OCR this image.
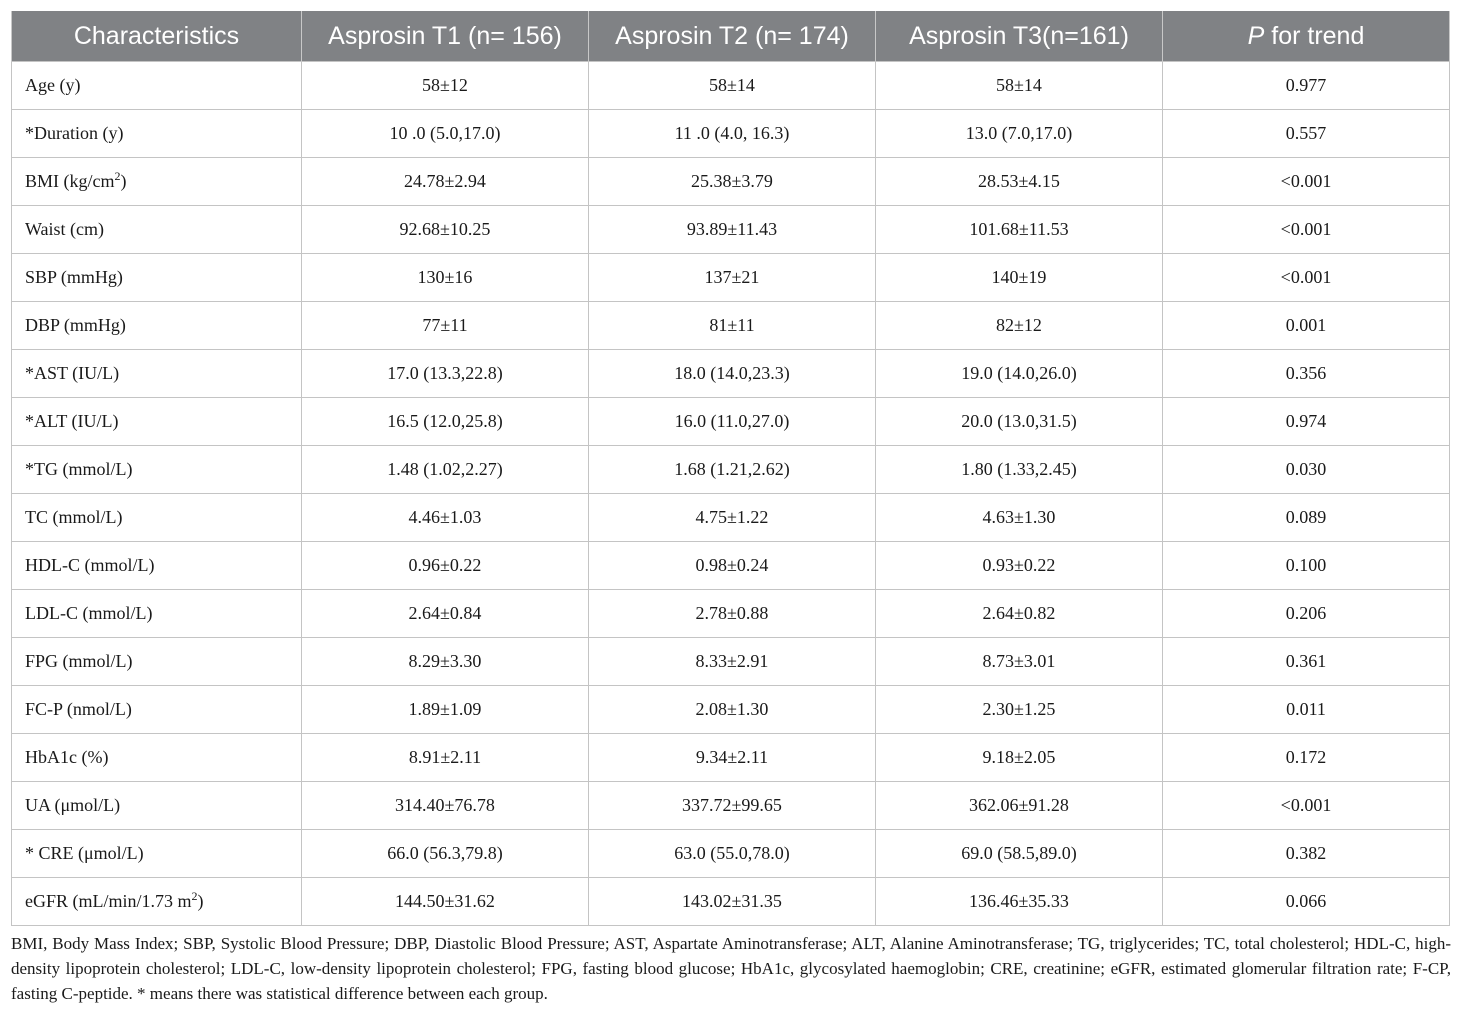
Characteristics	Asprosin T1 (n= 156)	Asprosin T2 (n= 174)	Asprosin T3(n=161)	P for trend
Age (y)	58±12	58±14	58±14	0.977
*Duration (y)	10 .0 (5.0,17.0)	11 .0 (4.0, 16.3)	13.0 (7.0,17.0)	0.557
BMI $(kg/cm^2)$	24.78±2.94	25.38±3.79	28.53±4.15	<0.001
Waist (cm)	92.68±10.25	93.89±11.43	101.68±11.53	<0.001
SBP (mmHg)	130±16	137±21	140±19	<0.001
DBP (mmHg)	77±11	81±11	82±12	0.001
*AST (IU/L)	17.0 (13.3,22.8)	18.0 (14.0,23.3)	19.0 (14.0,26.0)	0.356
*ALT (IU/L)	16.5 (12.0,25.8)	16.0 (11.0,27.0)	20.0 (13.0,31.5)	0.974
*TG (mmol/L)	1.48 (1.02,2.27)	1.68 (1.21,2.62)	1.80 (1.33,2.45)	0.030
TC (mmol/L)	4.46±1.03	4.75±1.22	4.63±1.30	0.089
HDL-C (mmol/L)	0.96±0.22	0.98±0.24	0.93±0.22	0.100
LDL-C (mmol/L)	2.64±0.84	2.78±0.88	2.64±0.82	0.206
FPG (mmol/L)	8.29±3.30	8.33±2.91	8.73±3.01	0.361
FC-P (nmol/L)	1.89±1.09	2.08±1.30	2.30±1.25	0.011
HbA1c (%)	8.91±2.11	9.34±2.11	9.18±2.05	0.172
UA (μmol/L)	314.40±76.78	337.72±99.65	362.06±91.28	<0.001
* CRE (μmol/L)	66.0 (56.3,79.8)	63.0 (55.0,78.0)	69.0 (58.5,89.0)	0.382
eGFR (mL/min/1.73 $m^2$)	144.50±31.62	143.02±31.35	136.46±35.33	0.066
BMI, Body Mass Index; SBP, Systolic Blood Pressure; DBP, Diastolic Blood Pressure; AST, Aspartate Aminotransferase; ALT, Alanine Aminotransferase; TG, triglycerides; TC, total cholesterol; HDL-C, high-density lipoprotein cholesterol; LDL-C, low-density lipoprotein cholesterol; FPG, fasting blood glucose; HbA1c, glycosylated haemoglobin; CRE, creatinine; eGFR, estimated glomerular filtration rate; F-CP, fasting C-peptide. * means there was statistical difference between each group.
